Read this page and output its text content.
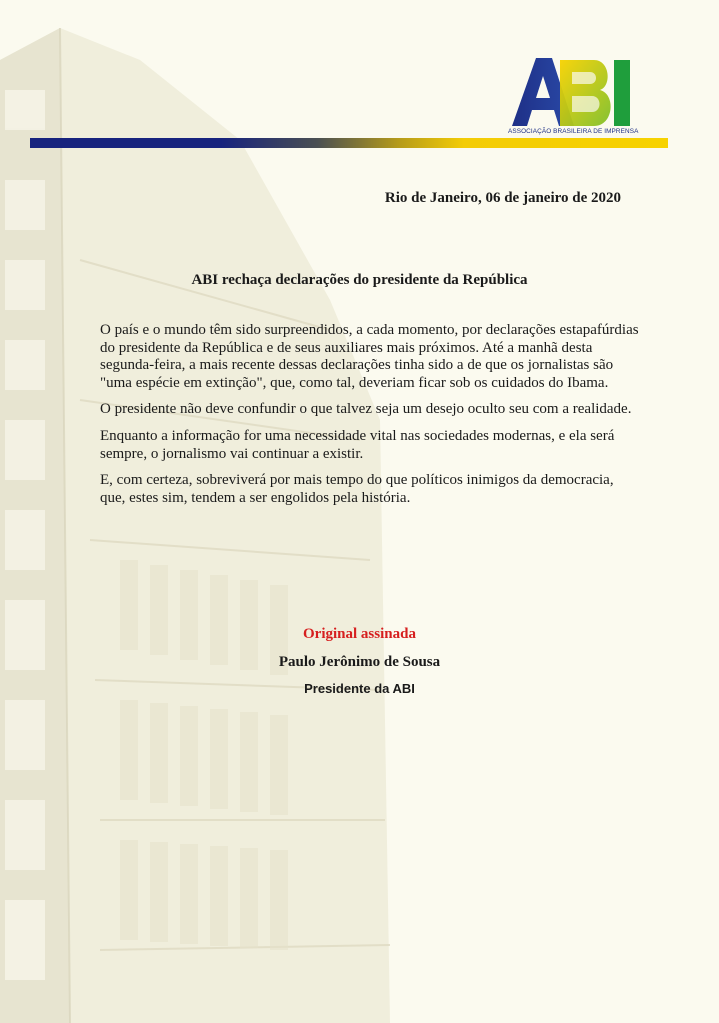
ASSOCIAÇÃO BRASILEIRA DE IMPRENSA
Rio de Janeiro, 06 de janeiro de 2020
ABI rechaça declarações do presidente da República

O país e o mundo têm sido surpreendidos, a cada momento, por declarações estapafúrdias do presidente da República e de seus auxiliares mais próximos. Até a manhã desta segunda-feira, a mais recente dessas declarações tinha sido a de que os jornalistas são "uma espécie em extinção", que, como tal, deveriam ficar sob os cuidados do Ibama.

O presidente não deve confundir o que talvez seja um desejo oculto seu com a realidade.

Enquanto a informação for uma necessidade vital nas sociedades modernas, e ela será sempre, o jornalismo vai continuar a existir.

E, com certeza, sobreviverá por mais tempo do que políticos inimigos da democracia, que, estes sim, tendem a ser engolidos pela história.

Original assinada
Paulo Jerônimo de Sousa
Presidente da ABI
